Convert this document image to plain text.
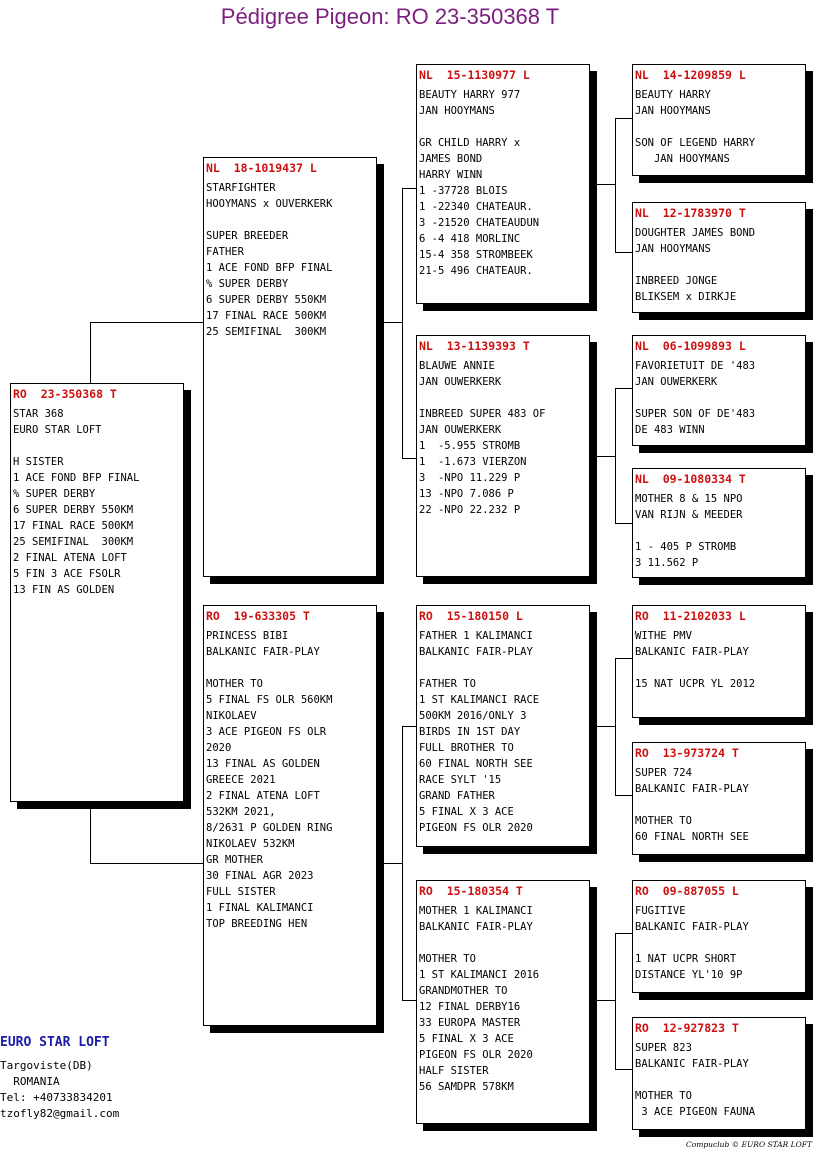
Pédigree Pigeon: RO 23-350368 T
RO  23-350368 T
STAR 368
EURO STAR LOFT
H SISTER
1 ACE FOND BFP FINAL
% SUPER DERBY
6 SUPER DERBY 550KM
17 FINAL RACE 500KM
25 SEMIFINAL  300KM
2 FINAL ATENA LOFT
5 FIN 3 ACE FSOLR
13 FIN AS GOLDEN
NL  18-1019437 L
STARFIGHTER
HOOYMANS x OUVERKERK
SUPER BREEDER
FATHER
1 ACE FOND BFP FINAL
% SUPER DERBY
6 SUPER DERBY 550KM
17 FINAL RACE 500KM
25 SEMIFINAL  300KM
RO  19-633305 T
PRINCESS BIBI
BALKANIC FAIR-PLAY
MOTHER TO
5 FINAL FS OLR 560KM
NIKOLAEV
3 ACE PIGEON FS OLR
2020
13 FINAL AS GOLDEN
GREECE 2021
2 FINAL ATENA LOFT
532KM 2021,
8/2631 P GOLDEN RING
NIKOLAEV 532KM
GR MOTHER
30 FINAL AGR 2023
FULL SISTER
1 FINAL KALIMANCI
TOP BREEDING HEN
NL  15-1130977 L
BEAUTY HARRY 977
JAN HOOYMANS
GR CHILD HARRY x
JAMES BOND
HARRY WINN
1 -37728 BLOIS
1 -22340 CHATEAUR.
3 -21520 CHATEAUDUN
6 -4 418 MORLINC
15-4 358 STROMBEEK
21-5 496 CHATEAUR.
NL  13-1139393 T
BLAUWE ANNIE
JAN OUWERKERK
INBREED SUPER 483 OF
JAN OUWERKERK
1  -5.955 STROMB
1  -1.673 VIERZON
3  -NPO 11.229 P
13 -NPO 7.086 P
22 -NPO 22.232 P
RO  15-180150 L
FATHER 1 KALIMANCI
BALKANIC FAIR-PLAY
FATHER TO
1 ST KALIMANCI RACE
500KM 2016/ONLY 3
BIRDS IN 1ST DAY
FULL BROTHER TO
60 FINAL NORTH SEE
RACE SYLT '15
GRAND FATHER
5 FINAL X 3 ACE
PIGEON FS OLR 2020
RO  15-180354 T
MOTHER 1 KALIMANCI
BALKANIC FAIR-PLAY
MOTHER TO
1 ST KALIMANCI 2016
GRANDMOTHER TO
12 FINAL DERBY16
33 EUROPA MASTER
5 FINAL X 3 ACE
PIGEON FS OLR 2020
HALF SISTER
56 SAMDPR 578KM
NL  14-1209859 L
BEAUTY HARRY
JAN HOOYMANS
SON OF LEGEND HARRY
JAN HOOYMANS
NL  12-1783970 T
DOUGHTER JAMES BOND
JAN HOOYMANS
INBREED JONGE
BLIKSEM x DIRKJE
NL  06-1099893 L
FAVORIETUIT DE '483
JAN OUWERKERK
SUPER SON OF DE'483
DE 483 WINN
NL  09-1080334 T
MOTHER 8 & 15 NPO
VAN RIJN & MEEDER
1 - 405 P STROMB
3 11.562 P
RO  11-2102033 L
WITHE PMV
BALKANIC FAIR-PLAY
15 NAT UCPR YL 2012
RO  13-973724 T
SUPER 724
BALKANIC FAIR-PLAY
MOTHER TO
60 FINAL NORTH SEE
RO  09-887055 L
FUGITIVE
BALKANIC FAIR-PLAY
1 NAT UCPR SHORT
DISTANCE YL'10 9P
RO  12-927823 T
SUPER 823
BALKANIC FAIR-PLAY
MOTHER TO
3 ACE PIGEON FAUNA
EURO STAR LOFT
Targoviste(DB)
ROMANIA
Tel: +40733834201
tzofly82@gmail.com
Compuclub © EURO STAR LOFT
